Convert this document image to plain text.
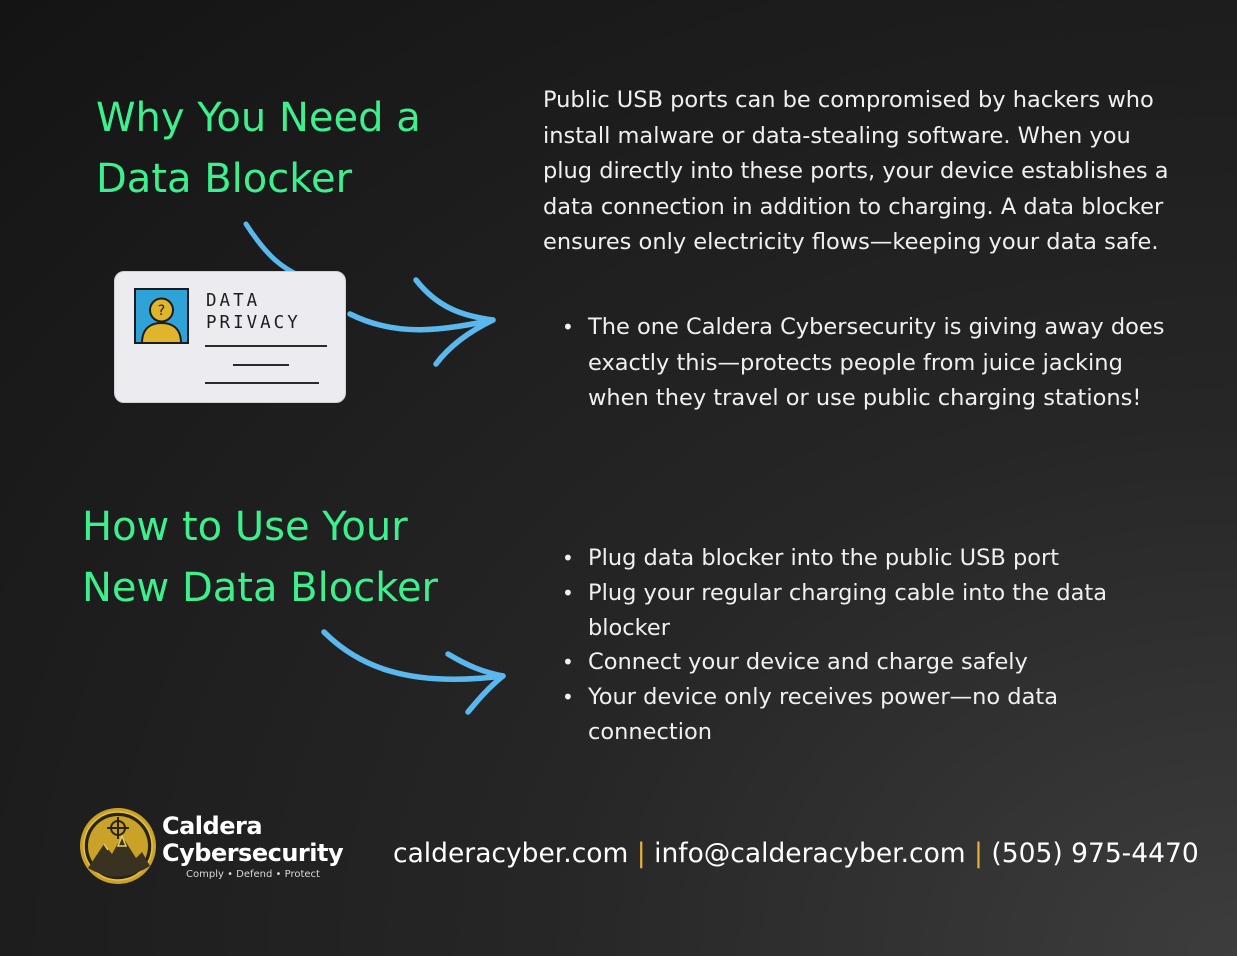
Why You Need a
Data Blocker

Public USB ports can be compromised by hackers who install malware or data-stealing software. When you plug directly into these ports, your device establishes a data connection in addition to charging. A data blocker ensures only electricity flows—keeping your data safe.

• The one Caldera Cybersecurity is giving away does exactly this—protects people from juice jacking when they travel or use public charging stations!
? DATA
PRIVACY
How to Use Your
New Data Blocker
• Plug data blocker into the public USB port
• Plug your regular charging cable into the data blocker
• Connect your device and charge safely
• Your device only receives power—no data connection
Caldera
Cybersecurity
Comply • Defend • Protect
calderacyber.com | info@calderacyber.com | (505) 975-4470
